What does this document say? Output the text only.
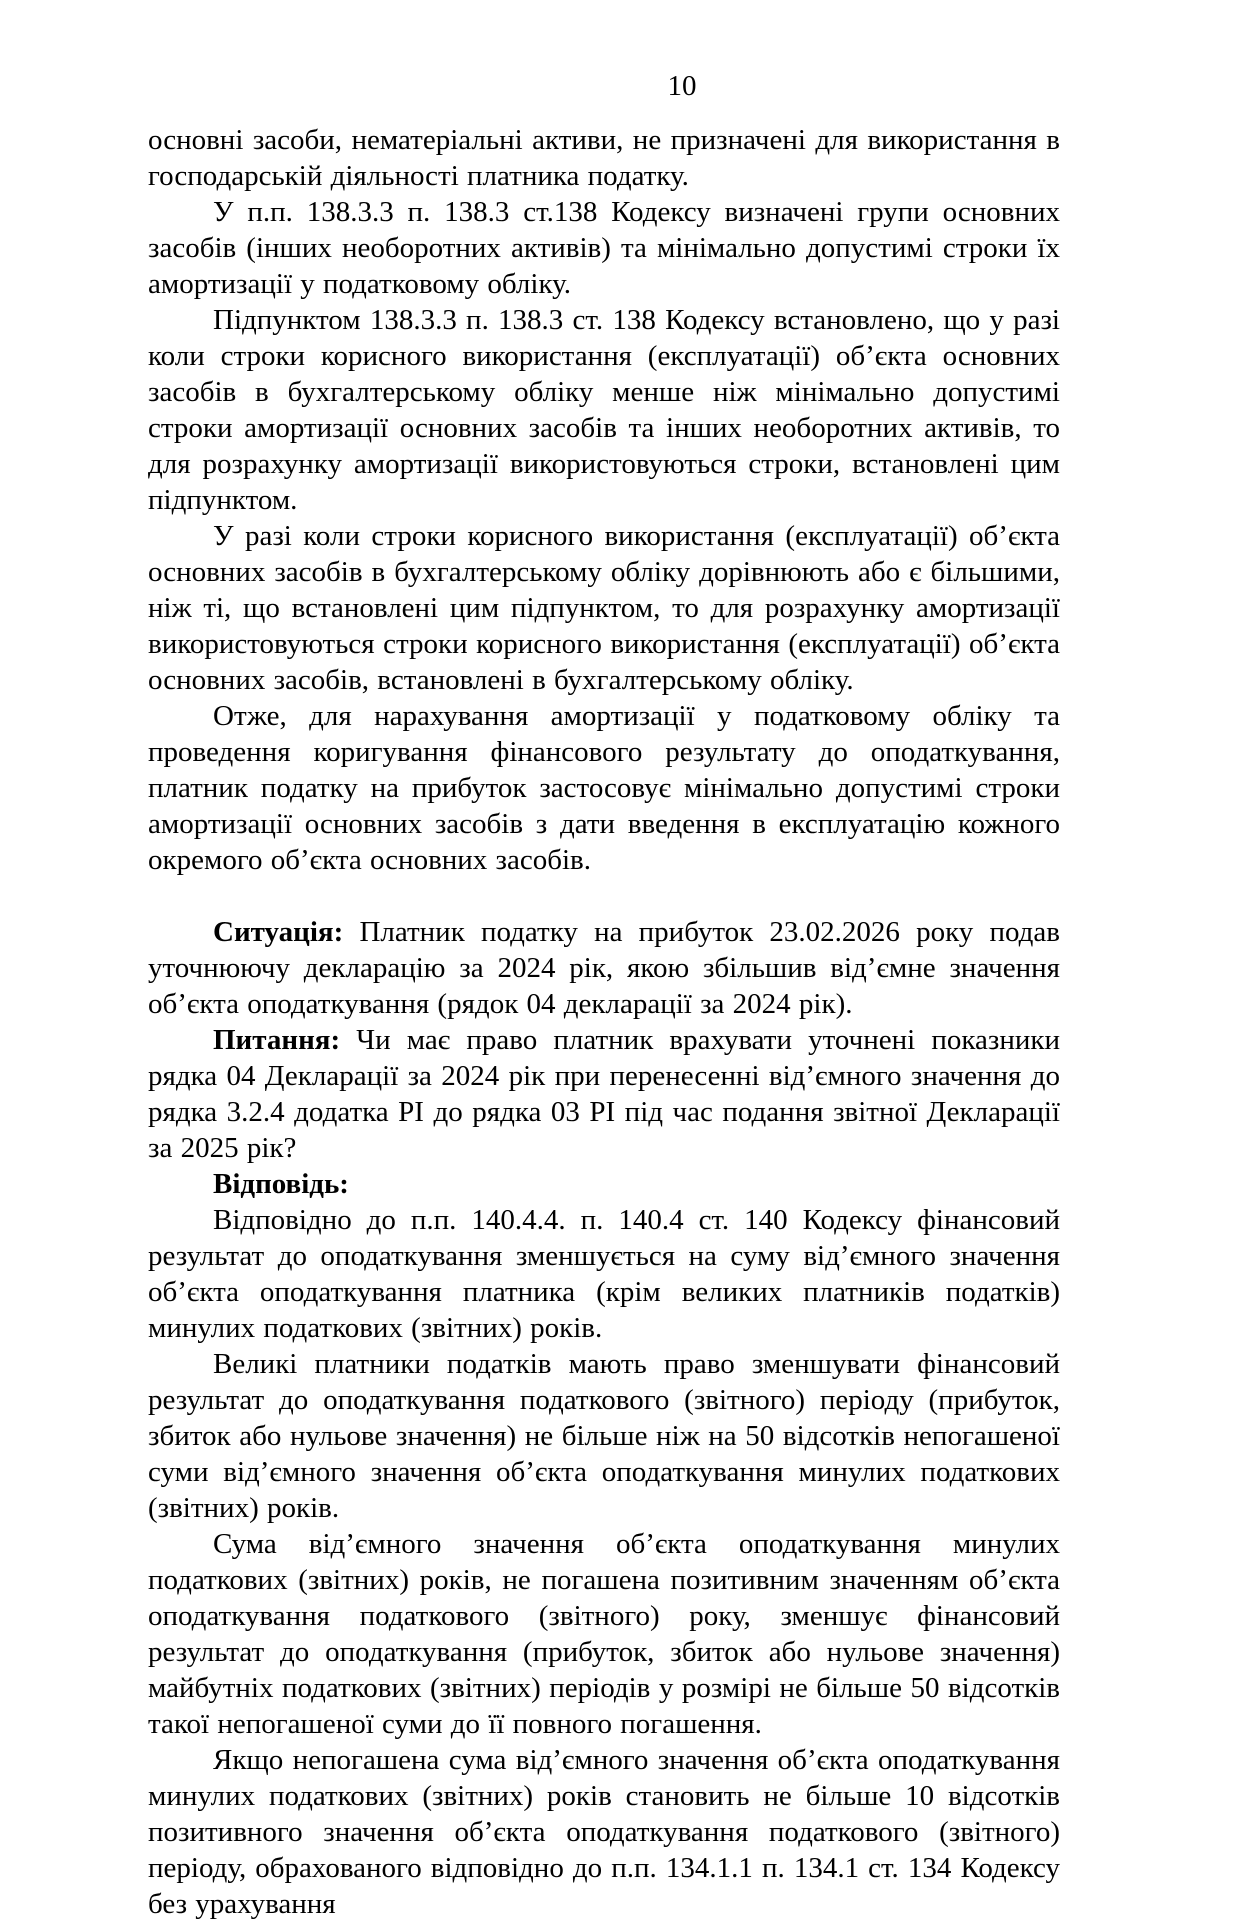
10

основні засоби, нематеріальні активи, не призначені для використання в господарській діяльності платника податку.

У п.п. 138.3.3 п. 138.3 ст.138 Кодексу визначені групи основних засобів (інших необоротних активів) та мінімально допустимі строки їх амортизації у податковому обліку.

Підпунктом 138.3.3 п. 138.3 ст. 138 Кодексу встановлено, що у разі коли строки корисного використання (експлуатації) об’єкта основних засобів в бухгалтерському обліку менше ніж мінімально допустимі строки амортизації основних засобів та інших необоротних активів, то для розрахунку амортизації використовуються строки, встановлені цим підпунктом.

У разі коли строки корисного використання (експлуатації) об’єкта основних засобів в бухгалтерському обліку дорівнюють або є більшими, ніж ті, що встановлені цим підпунктом, то для розрахунку амортизації використовуються строки корисного використання (експлуатації) об’єкта основних засобів, встановлені в бухгалтерському обліку.

Отже, для нарахування амортизації у податковому обліку та проведення коригування фінансового результату до оподаткування, платник податку на прибуток застосовує мінімально допустимі строки амортизації основних засобів з дати введення в експлуатацію кожного окремого об’єкта основних засобів.

Ситуація: Платник податку на прибуток 23.02.2026 року подав уточнюючу декларацію за 2024 рік, якою збільшив від’ємне значення об’єкта оподаткування (рядок 04 декларації за 2024 рік).

Питання: Чи має право платник врахувати уточнені показники рядка 04 Декларації за 2024 рік при перенесенні від’ємного значення до рядка 3.2.4 додатка РІ до рядка 03 РІ під час подання звітної Декларації за 2025 рік?

Відповідь:

Відповідно до п.п. 140.4.4. п. 140.4 ст. 140 Кодексу фінансовий результат до оподаткування зменшується на суму від’ємного значення об’єкта оподаткування платника (крім великих платників податків) минулих податкових (звітних) років.

Великі платники податків мають право зменшувати фінансовий результат до оподаткування податкового (звітного) періоду (прибуток, збиток або нульове значення) не більше ніж на 50 відсотків непогашеної суми від’ємного значення об’єкта оподаткування минулих податкових (звітних) років.

Сума від’ємного значення об’єкта оподаткування минулих податкових (звітних) років, не погашена позитивним значенням об’єкта оподаткування податкового (звітного) року, зменшує фінансовий результат до оподаткування (прибуток, збиток або нульове значення) майбутніх податкових (звітних) періодів у розмірі не більше 50 відсотків такої непогашеної суми до її повного погашення.

Якщо непогашена сума від’ємного значення об’єкта оподаткування минулих податкових (звітних) років становить не більше 10 відсотків позитивного значення об’єкта оподаткування податкового (звітного) періоду, обрахованого відповідно до п.п. 134.1.1 п. 134.1 ст. 134 Кодексу без урахування
